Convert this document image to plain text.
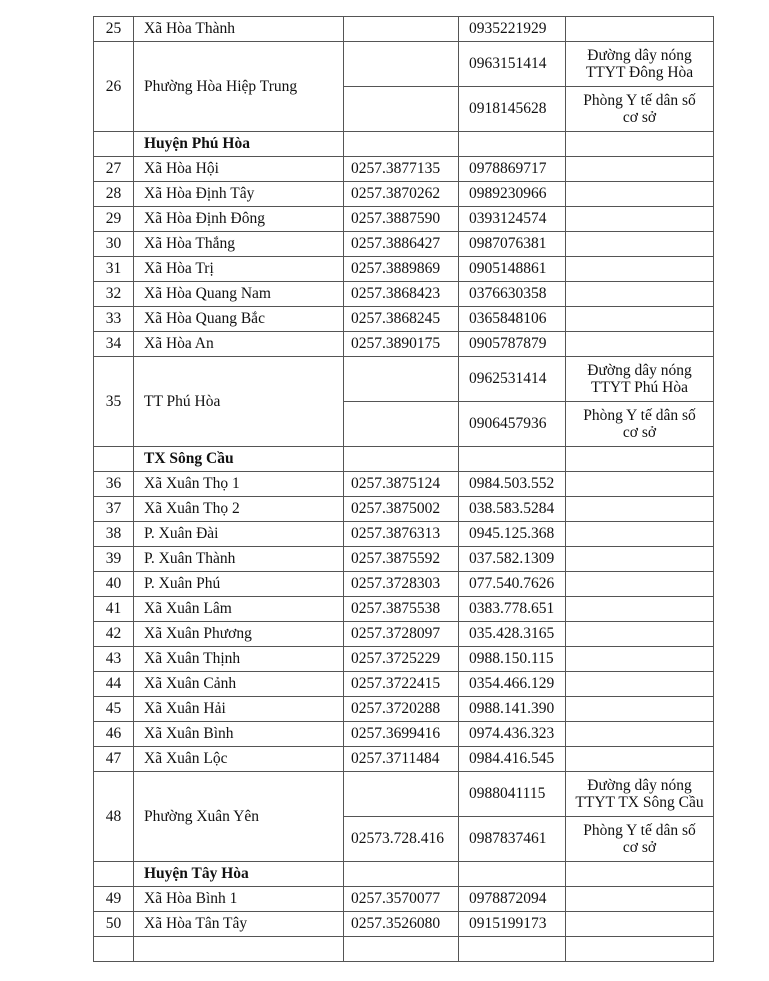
25	Xã Hòa Thành		0935221929	
26	Phường Hòa Hiệp Trung		0963151414	Đường dây nóng
TTYT Đông Hòa

			0918145628	Phòng Y tế dân số
cơ sở

	Huyện Phú Hòa			
27	Xã Hòa Hội	0257.3877135	0978869717	
28	Xã Hòa Định Tây	0257.3870262	0989230966	
29	Xã Hòa Định Đông	0257.3887590	0393124574	
30	Xã Hòa Thắng	0257.3886427	0987076381	
31	Xã Hòa Trị	0257.3889869	0905148861	
32	Xã Hòa Quang Nam	0257.3868423	0376630358	
33	Xã Hòa Quang Bắc	0257.3868245	0365848106	
34	Xã Hòa An	0257.3890175	0905787879	
35	TT Phú Hòa		0962531414	Đường dây nóng
TTYT Phú Hòa

			0906457936	Phòng Y tế dân số
cơ sở

	TX Sông Cầu			
36	Xã Xuân Thọ 1	0257.3875124	0984.503.552	
37	Xã Xuân Thọ 2	0257.3875002	038.583.5284	
38	P. Xuân Đài	0257.3876313	0945.125.368	
39	P. Xuân Thành	0257.3875592	037.582.1309	
40	P. Xuân Phú	0257.3728303	077.540.7626	
41	Xã Xuân Lâm	0257.3875538	0383.778.651	
42	Xã Xuân Phương	0257.3728097	035.428.3165	
43	Xã Xuân Thịnh	0257.3725229	0988.150.115	
44	Xã Xuân Cảnh	0257.3722415	0354.466.129	
45	Xã Xuân Hải	0257.3720288	0988.141.390	
46	Xã Xuân Bình	0257.3699416	0974.436.323	
47	Xã Xuân Lộc	0257.3711484	0984.416.545	
48	Phường Xuân Yên		0988041115	Đường dây nóng
TTYT TX Sông Cầu

		02573.728.416	0987837461	Phòng Y tế dân số
cơ sở

	Huyện Tây Hòa			
49	Xã Hòa Bình 1	0257.3570077	0978872094	
50	Xã Hòa Tân Tây	0257.3526080	0915199173	
